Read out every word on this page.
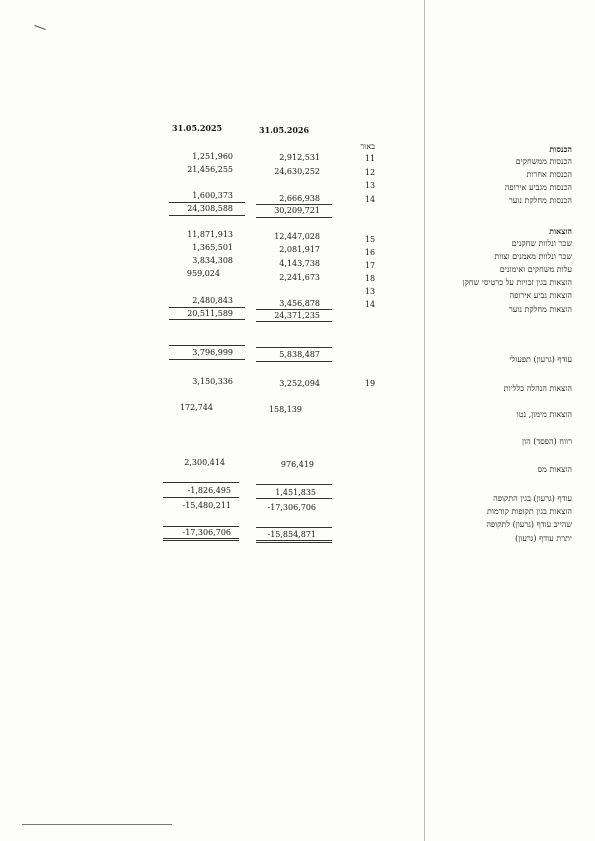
31.05.2025	31.05.2026
באור	הכנסות
הכנסות ממשחקים
11
2,912,531
1,251,960
הכנסות אחרות
12
24,630,252
21,456,255
הכנסות מגביע אירופה
13
הכנסות מחלקת נוער
14
2,666,938
1,600,373
30,209,721
24,308,588
הוצאות
שכר ונלוות שחקנים
15
12,447,028
11,871,913
שכר ונלוות מאמנים וצוות
16
2,081,917
1,365,501
עלות משחקים ואימונים
17
4,143,738
3,834,308
הוצאות בגין זכויות על כרטיסי שחקן
18
2,241,673
959,024
הוצאות גביע אירופה
13
הוצאות מחלקת נוער
14
3,456,878
2,480,843
24,371,235
20,511,589
עודף (גרעון) תפעולי
5,838,487
3,796,999
הוצאות הנהלה כלליות
19
3,252,094
3,150,336
הוצאות מימון, נטו
158,139
172,744
רווח (הפסד) הון
הוצאות מס
976,419
2,300,414
עודף (גרעון) בגין התקופה
1,451,835
-1,826,495
הוצאות בגין תקופות קודמות
-17,306,706
-15,480,211
שהייב עודף (גרעון) לתקופה
יתרת עודף (גרעון)
-15,854,871
-17,306,706
